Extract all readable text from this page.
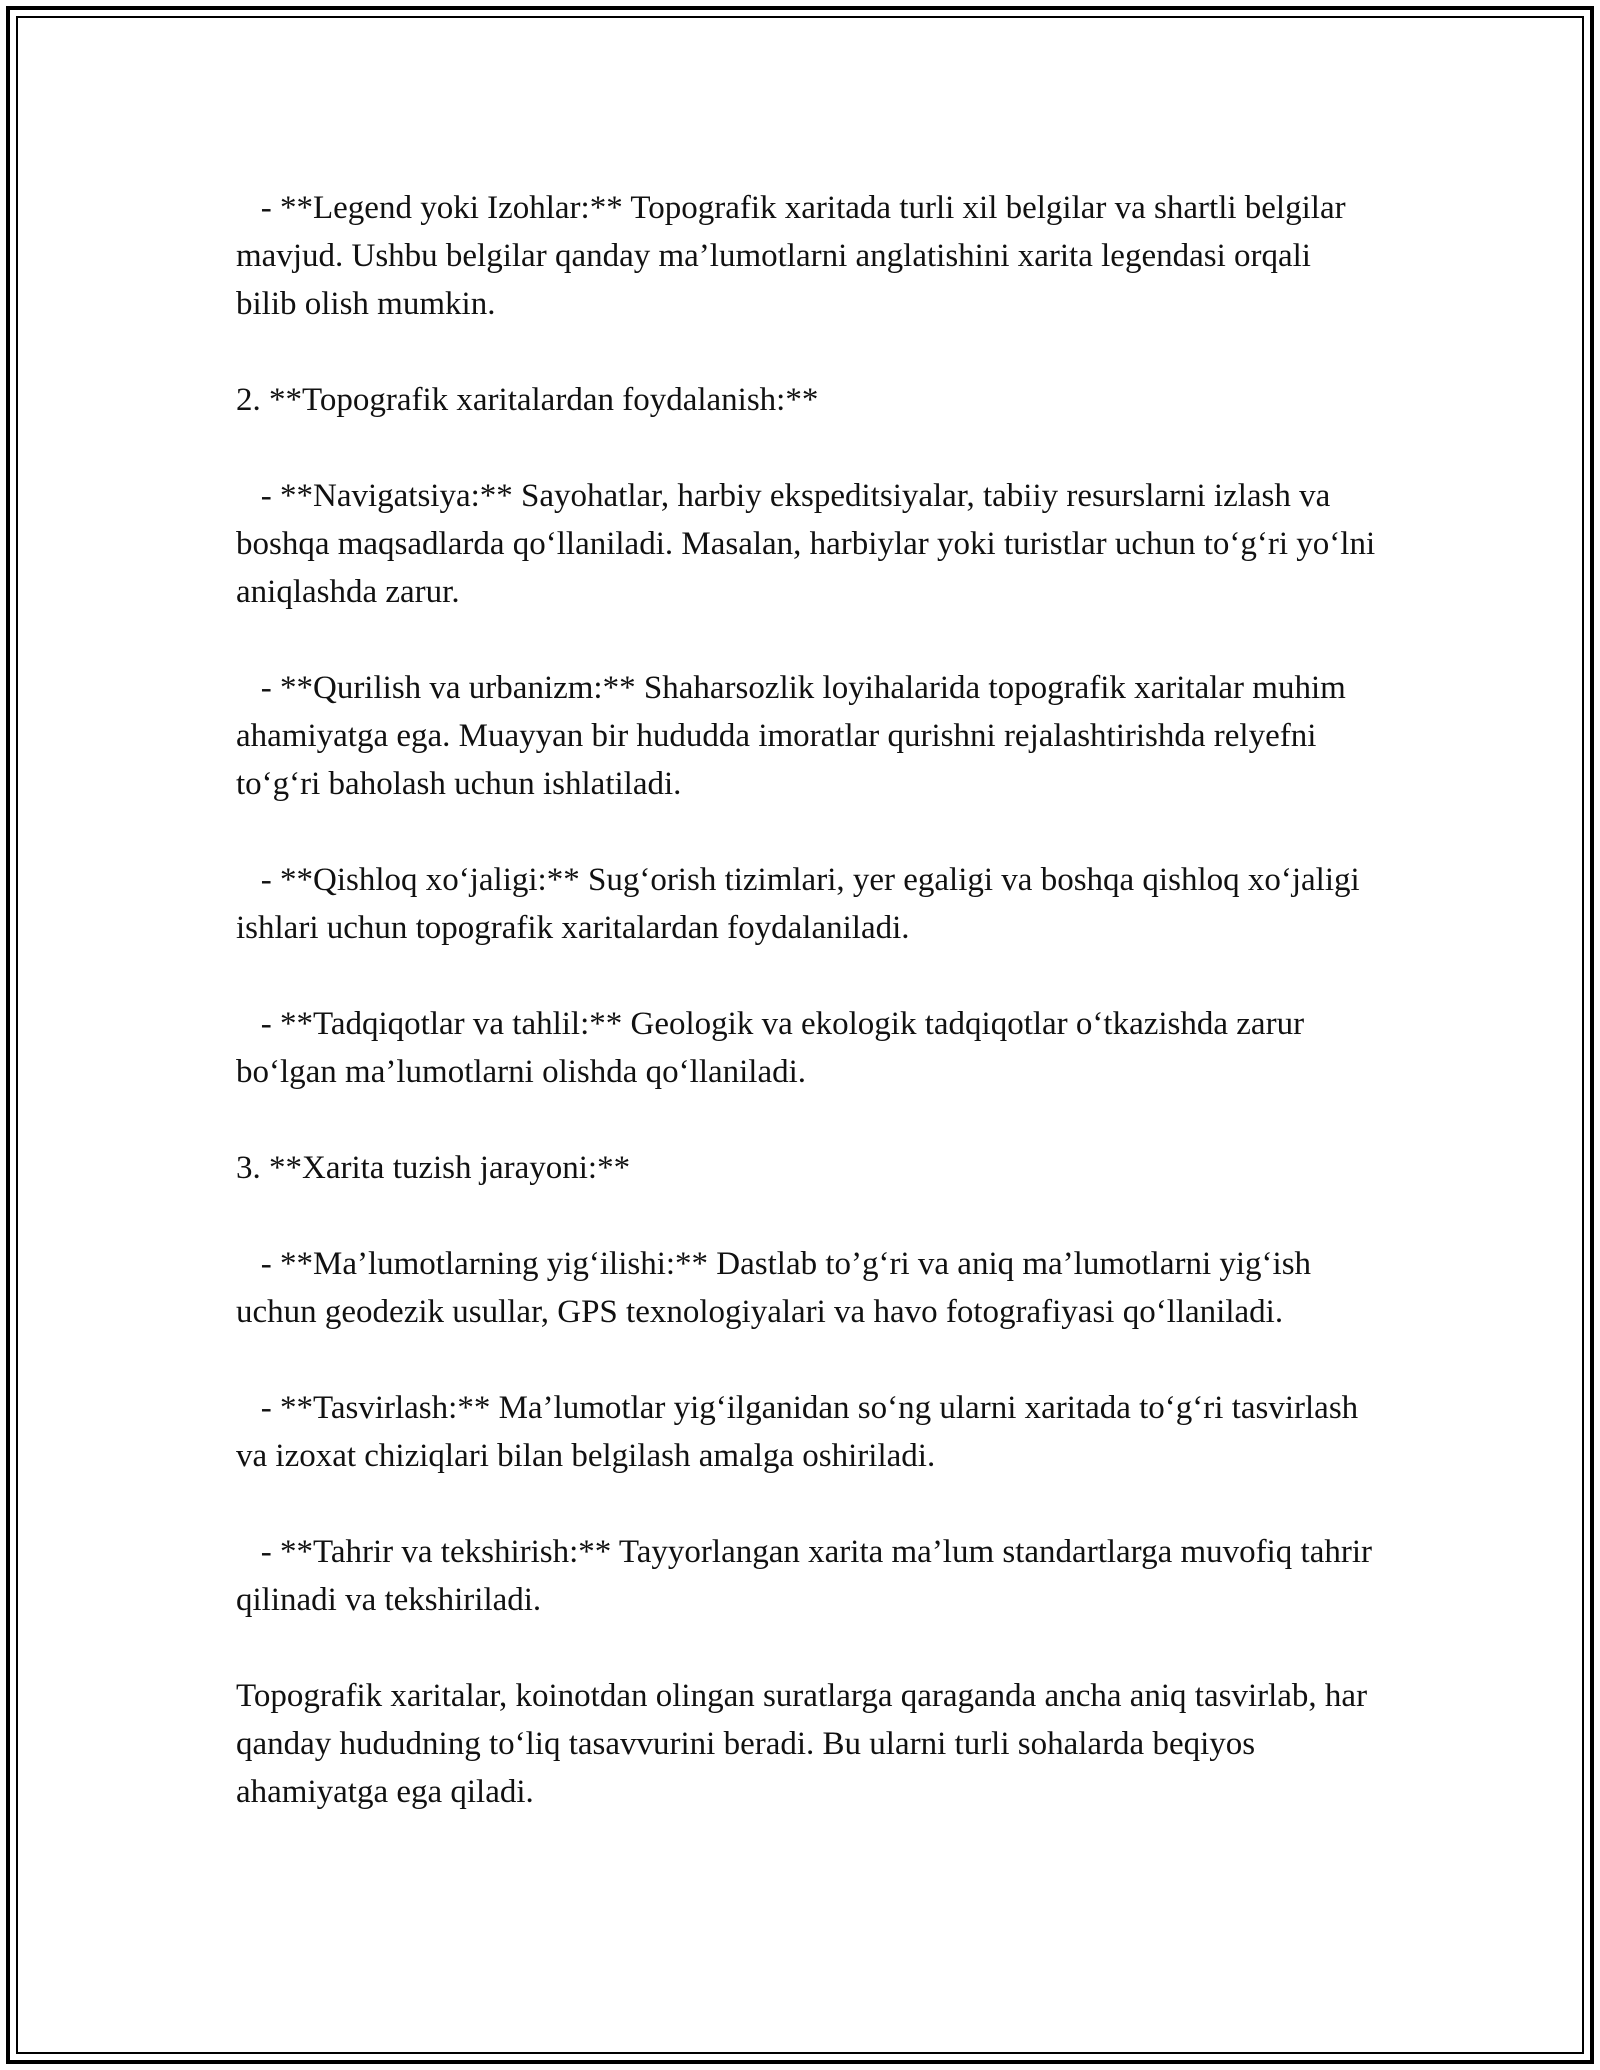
- **Legend yoki Izohlar:** Topografik xaritada turli xil belgilar va shartli belgilar mavjud. Ushbu belgilar qanday ma’lumotlarni anglatishini xarita legendasi orqali bilib olish mumkin.

2. **Topografik xaritalardan foydalanish:**

- **Navigatsiya:** Sayohatlar, harbiy ekspeditsiyalar, tabiiy resurslarni izlash va boshqa maqsadlarda qo‘llaniladi. Masalan, harbiylar yoki turistlar uchun to‘g‘ri yo‘lni aniqlashda zarur.

- **Qurilish va urbanizm:** Shaharsozlik loyihalarida topografik xaritalar muhim ahamiyatga ega. Muayyan bir hududda imoratlar qurishni rejalashtirishda relyefni to‘g‘ri baholash uchun ishlatiladi.

- **Qishloq xo‘jaligi:** Sug‘orish tizimlari, yer egaligi va boshqa qishloq xo‘jaligi ishlari uchun topografik xaritalardan foydalaniladi.

- **Tadqiqotlar va tahlil:** Geologik va ekologik tadqiqotlar o‘tkazishda zarur bo‘lgan ma’lumotlarni olishda qo‘llaniladi.

3. **Xarita tuzish jarayoni:**

- **Ma’lumotlarning yig‘ilishi:** Dastlab to’g‘ri va aniq ma’lumotlarni yig‘ish uchun geodezik usullar, GPS texnologiyalari va havo fotografiyasi qo‘llaniladi.

- **Tasvirlash:** Ma’lumotlar yig‘ilganidan so‘ng ularni xaritada to‘g‘ri tasvirlash va izoxat chiziqlari bilan belgilash amalga oshiriladi.

- **Tahrir va tekshirish:** Tayyorlangan xarita ma’lum standartlarga muvofiq tahrir qilinadi va tekshiriladi.

Topografik xaritalar, koinotdan olingan suratlarga qaraganda ancha aniq tasvirlab, har qanday hududning to‘liq tasavvurini beradi. Bu ularni turli sohalarda beqiyos ahamiyatga ega qiladi.
